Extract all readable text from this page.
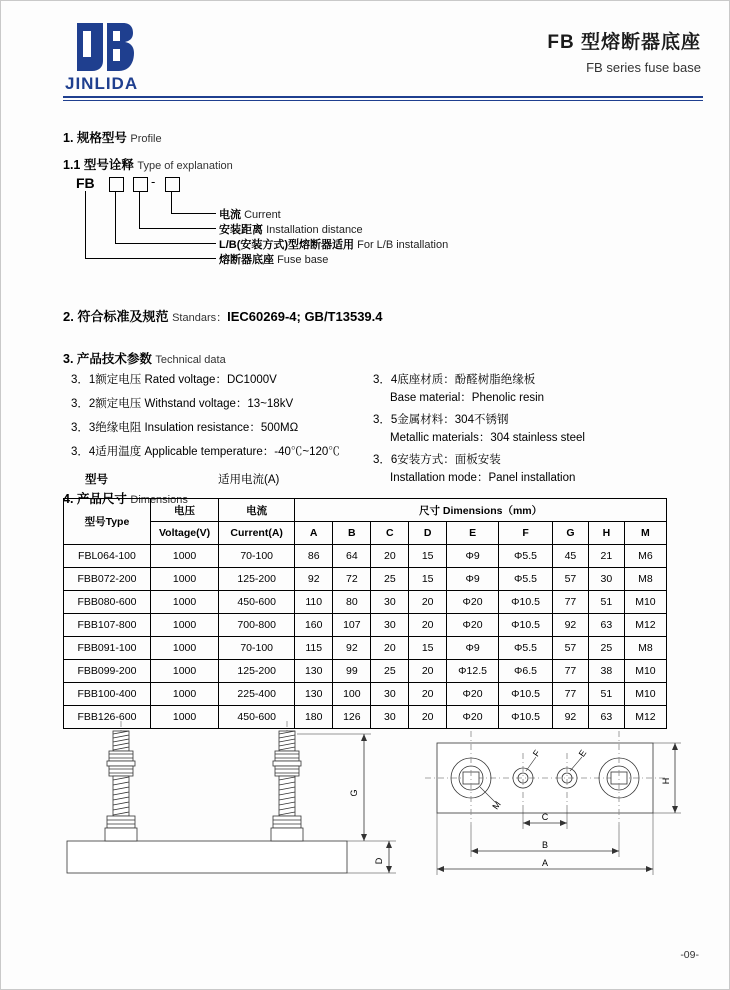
JINLIDA
FB 型熔断器底座
FB series fuse base
1. 规格型号 Profile
1.1 型号诠释 Type of explanation
FB	-
电流 Current
安装距离 Installation distance
L/B(安装方式)型熔断器适用 For L/B installation
熔断器底座 Fuse base
2. 符合标准及规范 Standars：IEC60269-4; GB/T13539.4
3. 产品技术参数 Technical data
3．1额定电压 Rated voltage：DC1000V
3．2额定电压 Withstand voltage：13~18kV
3．3绝缘电阻 Insulation resistance：500MΩ
3．4适用温度 Applicable temperature：-40℃~120℃
3．4底座材质：酚醛树脂绝缘板
Base material：Phenolic resin
3．5金属材料：304不锈钢
Metallic materials：304 stainless steel
3．6安装方式：面板安装
Installation mode：Panel installation
4. 产品尺寸 Dimensions
型号	适用电流(A)
型号Type	电压	电流	尺寸 Dimensions（mm）								
	Voltage(V)	Current(A)	A	B	C	D	E	F	G	H	M
FBL064-100	1000	70-100	86	64	20	15	Φ9	Φ5.5	45	21	M6
FBB072-200	1000	125-200	92	72	25	15	Φ9	Φ5.5	57	30	M8
FBB080-600	1000	450-600	110	80	30	20	Φ20	Φ10.5	77	51	M10
FBB107-800	1000	700-800	160	107	30	20	Φ20	Φ10.5	92	63	M12
FBB091-100	1000	70-100	115	92	20	15	Φ9	Φ5.5	57	25	M8
FBB099-200	1000	125-200	130	99	25	20	Φ12.5	Φ6.5	77	38	M10
FBB100-400	1000	225-400	130	100	30	20	Φ20	Φ10.5	77	51	M10
FBB126-600	1000	450-600	180	126	30	20	Φ20	Φ10.5	92	63	M12
G
D
F	E
M
C
B
A
H
-09-
